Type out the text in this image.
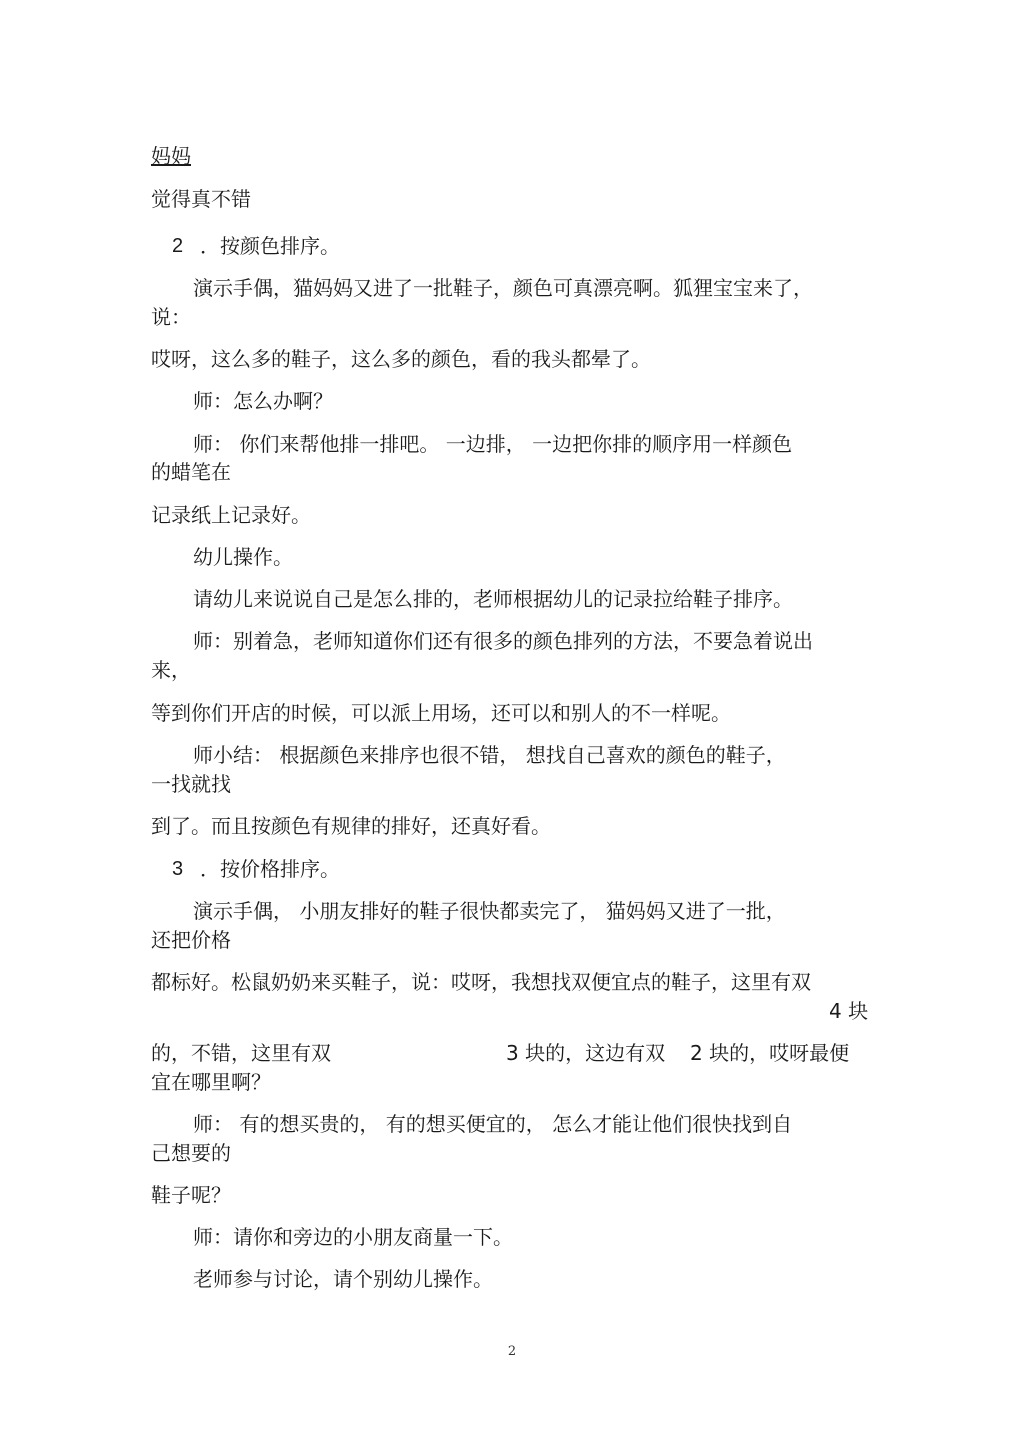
妈妈
觉得真不错
2 ．按颜色排序。
演示手偶，猫妈妈又进了一批鞋子，颜色可真漂亮啊。狐狸宝宝来了，
说：
哎呀，这么多的鞋子，这么多的颜色，看的我头都晕了。
师：怎么办啊？
师： 你们来帮他排一排吧。 一边排， 一边把你排的顺序用一样颜色
的蜡笔在
记录纸上记录好。
幼儿操作。
请幼儿来说说自己是怎么排的，老师根据幼儿的记录拉给鞋子排序。
师：别着急，老师知道你们还有很多的颜色排列的方法，不要急着说出
来，
等到你们开店的时候，可以派上用场，还可以和别人的不一样呢。
师小结： 根据颜色来排序也很不错， 想找自己喜欢的颜色的鞋子，
一找就找
到了。而且按颜色有规律的排好，还真好看。
3 ．按价格排序。
演示手偶， 小朋友排好的鞋子很快都卖完了， 猫妈妈又进了一批，
还把价格
都标好。松鼠奶奶来买鞋子，说：哎呀，我想找双便宜点的鞋子，这里有双
4 块
的，不错，这里有双	3 块的，这边有双 2 块的，哎呀最便
宜在哪里啊？
师： 有的想买贵的， 有的想买便宜的， 怎么才能让他们很快找到自
己想要的
鞋子呢？
师：请你和旁边的小朋友商量一下。
老师参与讨论，请个别幼儿操作。
2
